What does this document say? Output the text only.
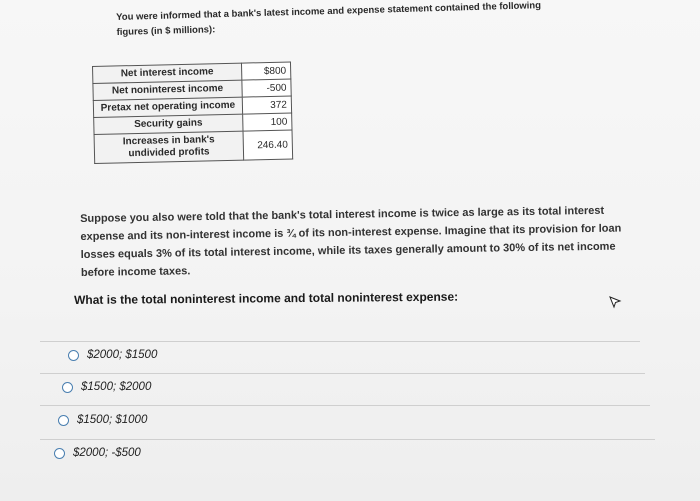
You were informed that a bank's latest income and expense statement contained the following
figures (in $ millions):
Net interest income	$800
Net noninterest income	-500
Pretax net operating income	372
Security gains	100
Increases in bank's undivided profits	246.40
Suppose you also were told that the bank's total interest income is twice as large as its total interest expense and its non-interest income is ¾ of its non-interest expense. Imagine that its provision for loan losses equals 3% of its total interest income, while its taxes generally amount to 30% of its net income before income taxes.
What is the total noninterest income and total noninterest expense:
$2000; $1500
$1500; $2000
$1500; $1000
$2000; -$500
